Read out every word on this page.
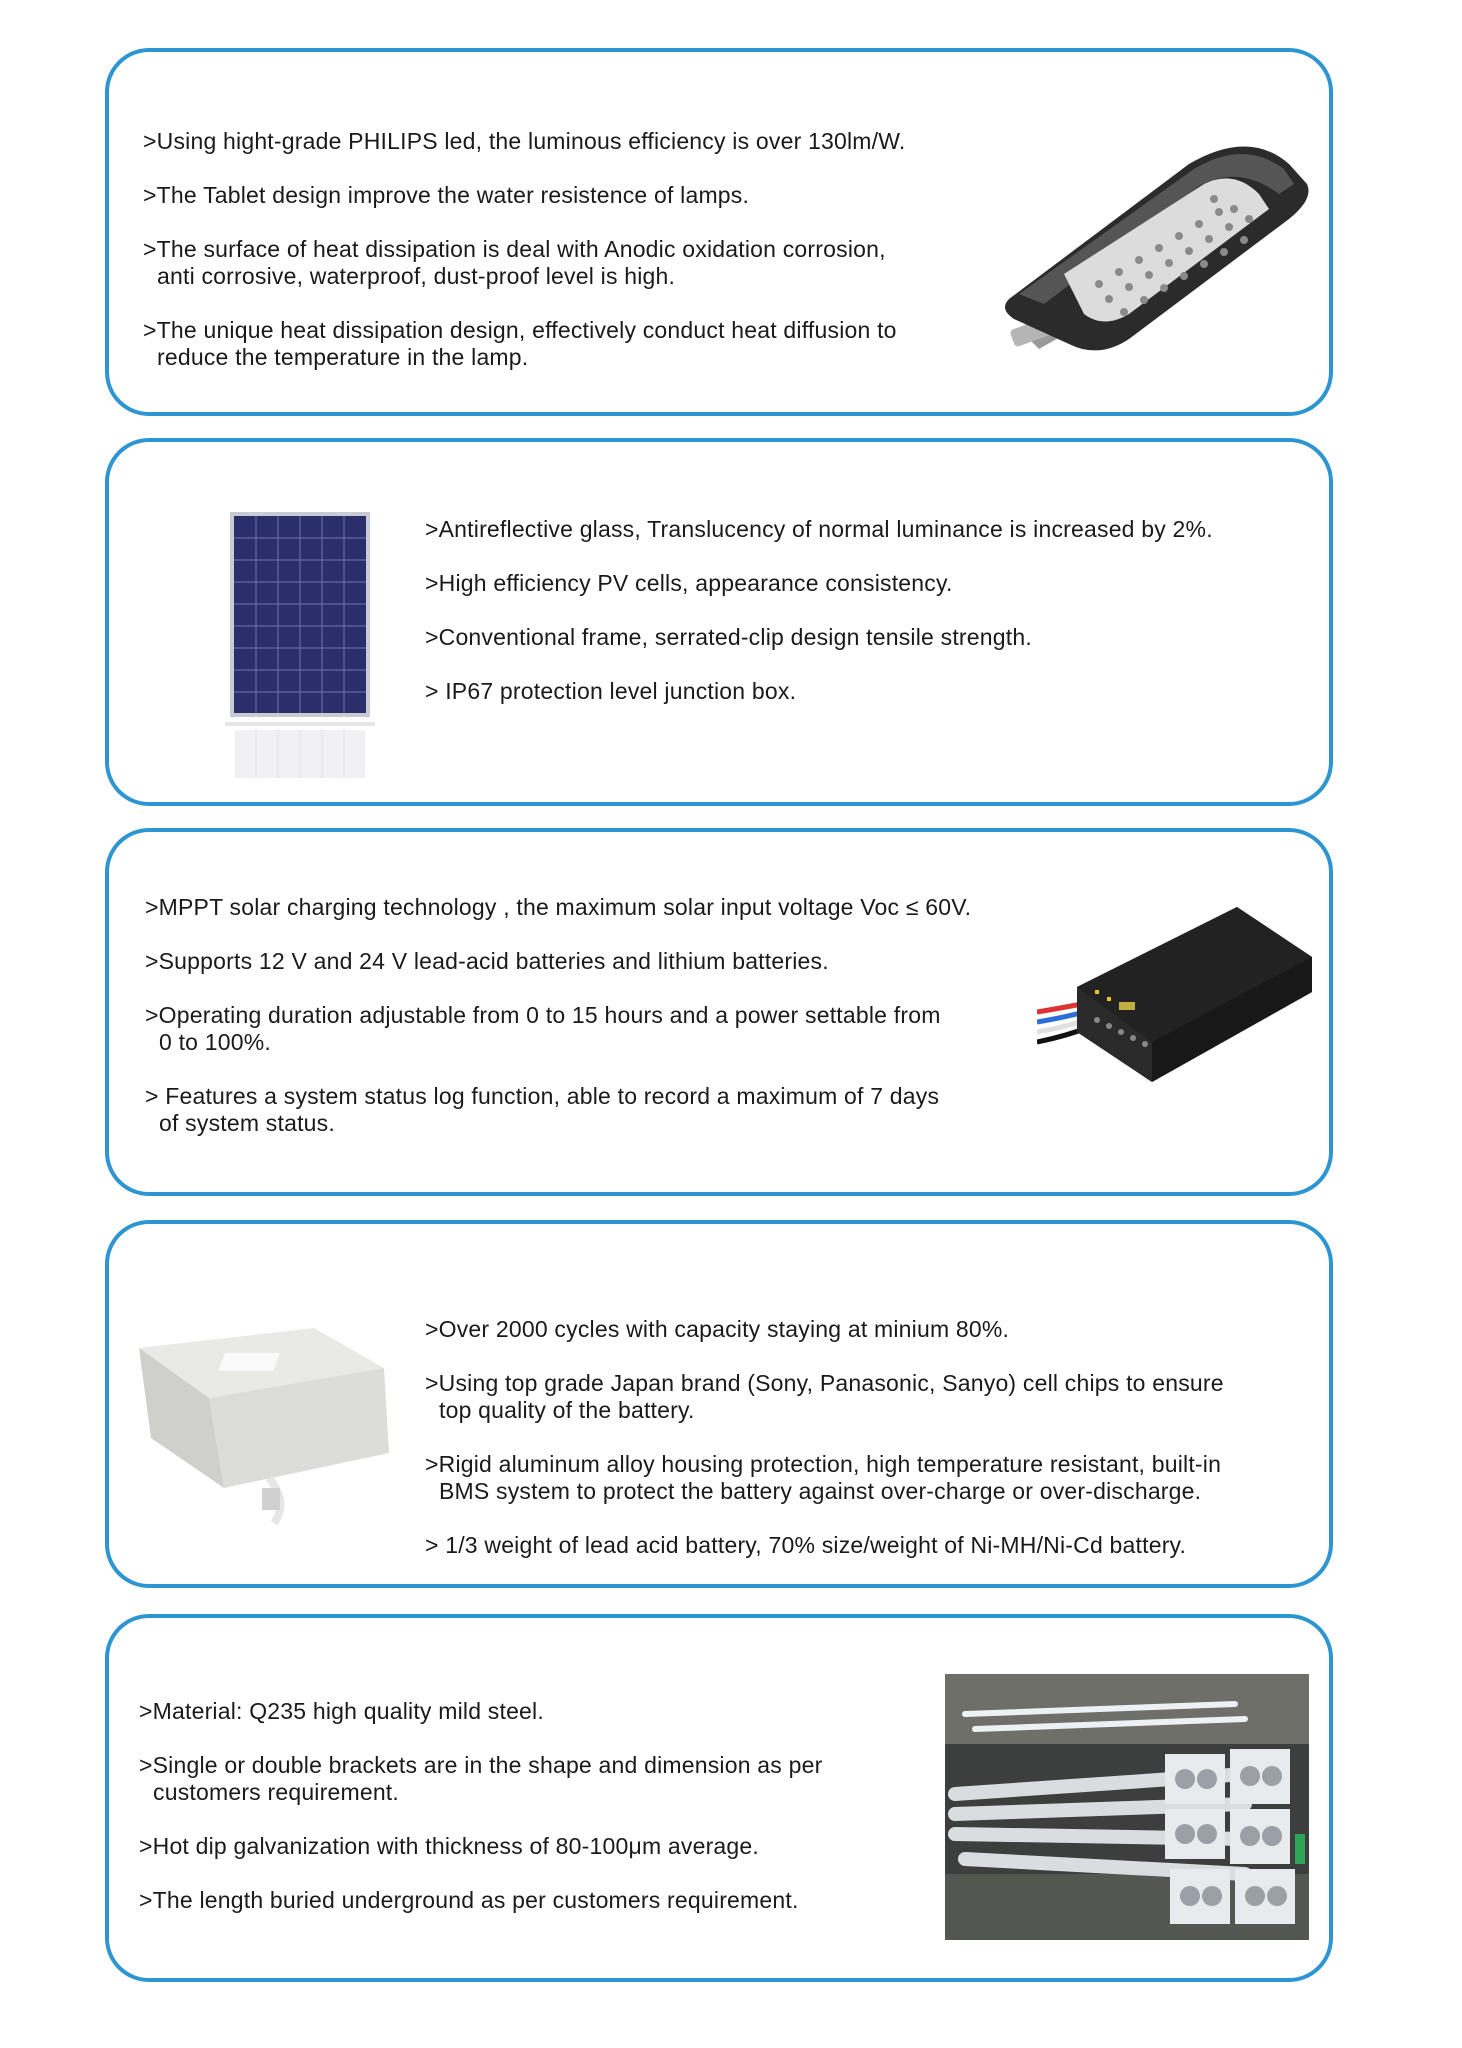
>Using hight-grade PHILIPS led, the luminous efficiency is over 130lm/W.
>The Tablet design improve the water resistence of lamps.
>The surface of heat dissipation is deal with Anodic oxidation corrosion,
anti corrosive, waterproof, dust-proof level is high.
>The unique heat dissipation design, effectively conduct heat diffusion to
reduce the temperature in the lamp.
>Antireflective glass, Translucency of normal luminance is increased by 2%.
>High efficiency PV cells, appearance consistency.
>Conventional frame, serrated-clip design tensile strength.
> IP67 protection level junction box.
>MPPT solar charging technology , the maximum solar input voltage Voc ≤ 60V.
>Supports 12 V and 24 V lead-acid batteries and lithium batteries.
>Operating duration adjustable from 0 to 15 hours and a power settable from
0 to 100%.
> Features a system status log function, able to record a maximum of 7 days
of system status.
>Over 2000 cycles with capacity staying at minium 80%.
>Using top grade Japan brand (Sony, Panasonic, Sanyo) cell chips to ensure
top quality of the battery.
>Rigid aluminum alloy housing protection, high temperature resistant, built-in
BMS system to protect the battery against over-charge or over-discharge.
> 1/3 weight of lead acid battery, 70% size/weight of Ni-MH/Ni-Cd battery.
>Material: Q235 high quality mild steel.
>Single or double brackets are in the shape and dimension as per
customers requirement.
>Hot dip galvanization with thickness of 80-100μm average.
>The length buried underground as per customers requirement.
